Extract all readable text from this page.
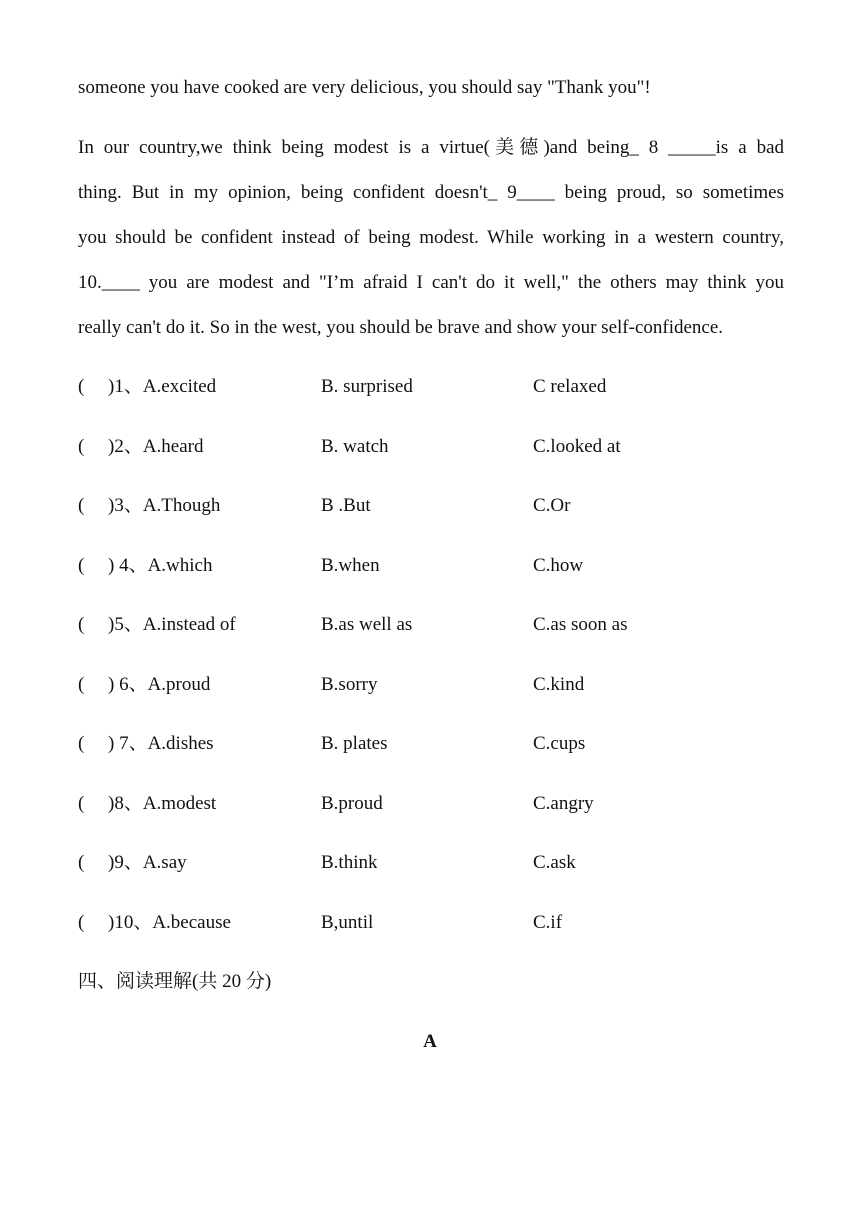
someone you have cooked are very delicious, you should say "Thank you"!
In our country,we think being modest is a virtue(美德)and being_ 8 _____is a bad
thing. But in my opinion, being confident doesn't_ 9____ being proud, so sometimes
you should be confident instead of being modest. While working in a western country,
10.____ you are modest and "I’m afraid I can't do it well," the others may think you
really can't do it. So in the west, you should be brave and show your self-confidence.
( )1、A.excited	B. surprised	C relaxed
( )2、A.heard	B. watch	C.looked at
( )3、A.Though	B .But	C.Or
( ) 4、A.which	B.when	C.how
( )5、A.instead of	B.as well as	C.as soon as
( ) 6、A.proud	B.sorry	C.kind
( ) 7、A.dishes	B. plates	C.cups
( )8、A.modest	B.proud	C.angry
( )9、A.say	B.think	C.ask
( )10、A.because	B,until	C.if
四、阅读理解(共 20 分)
A
